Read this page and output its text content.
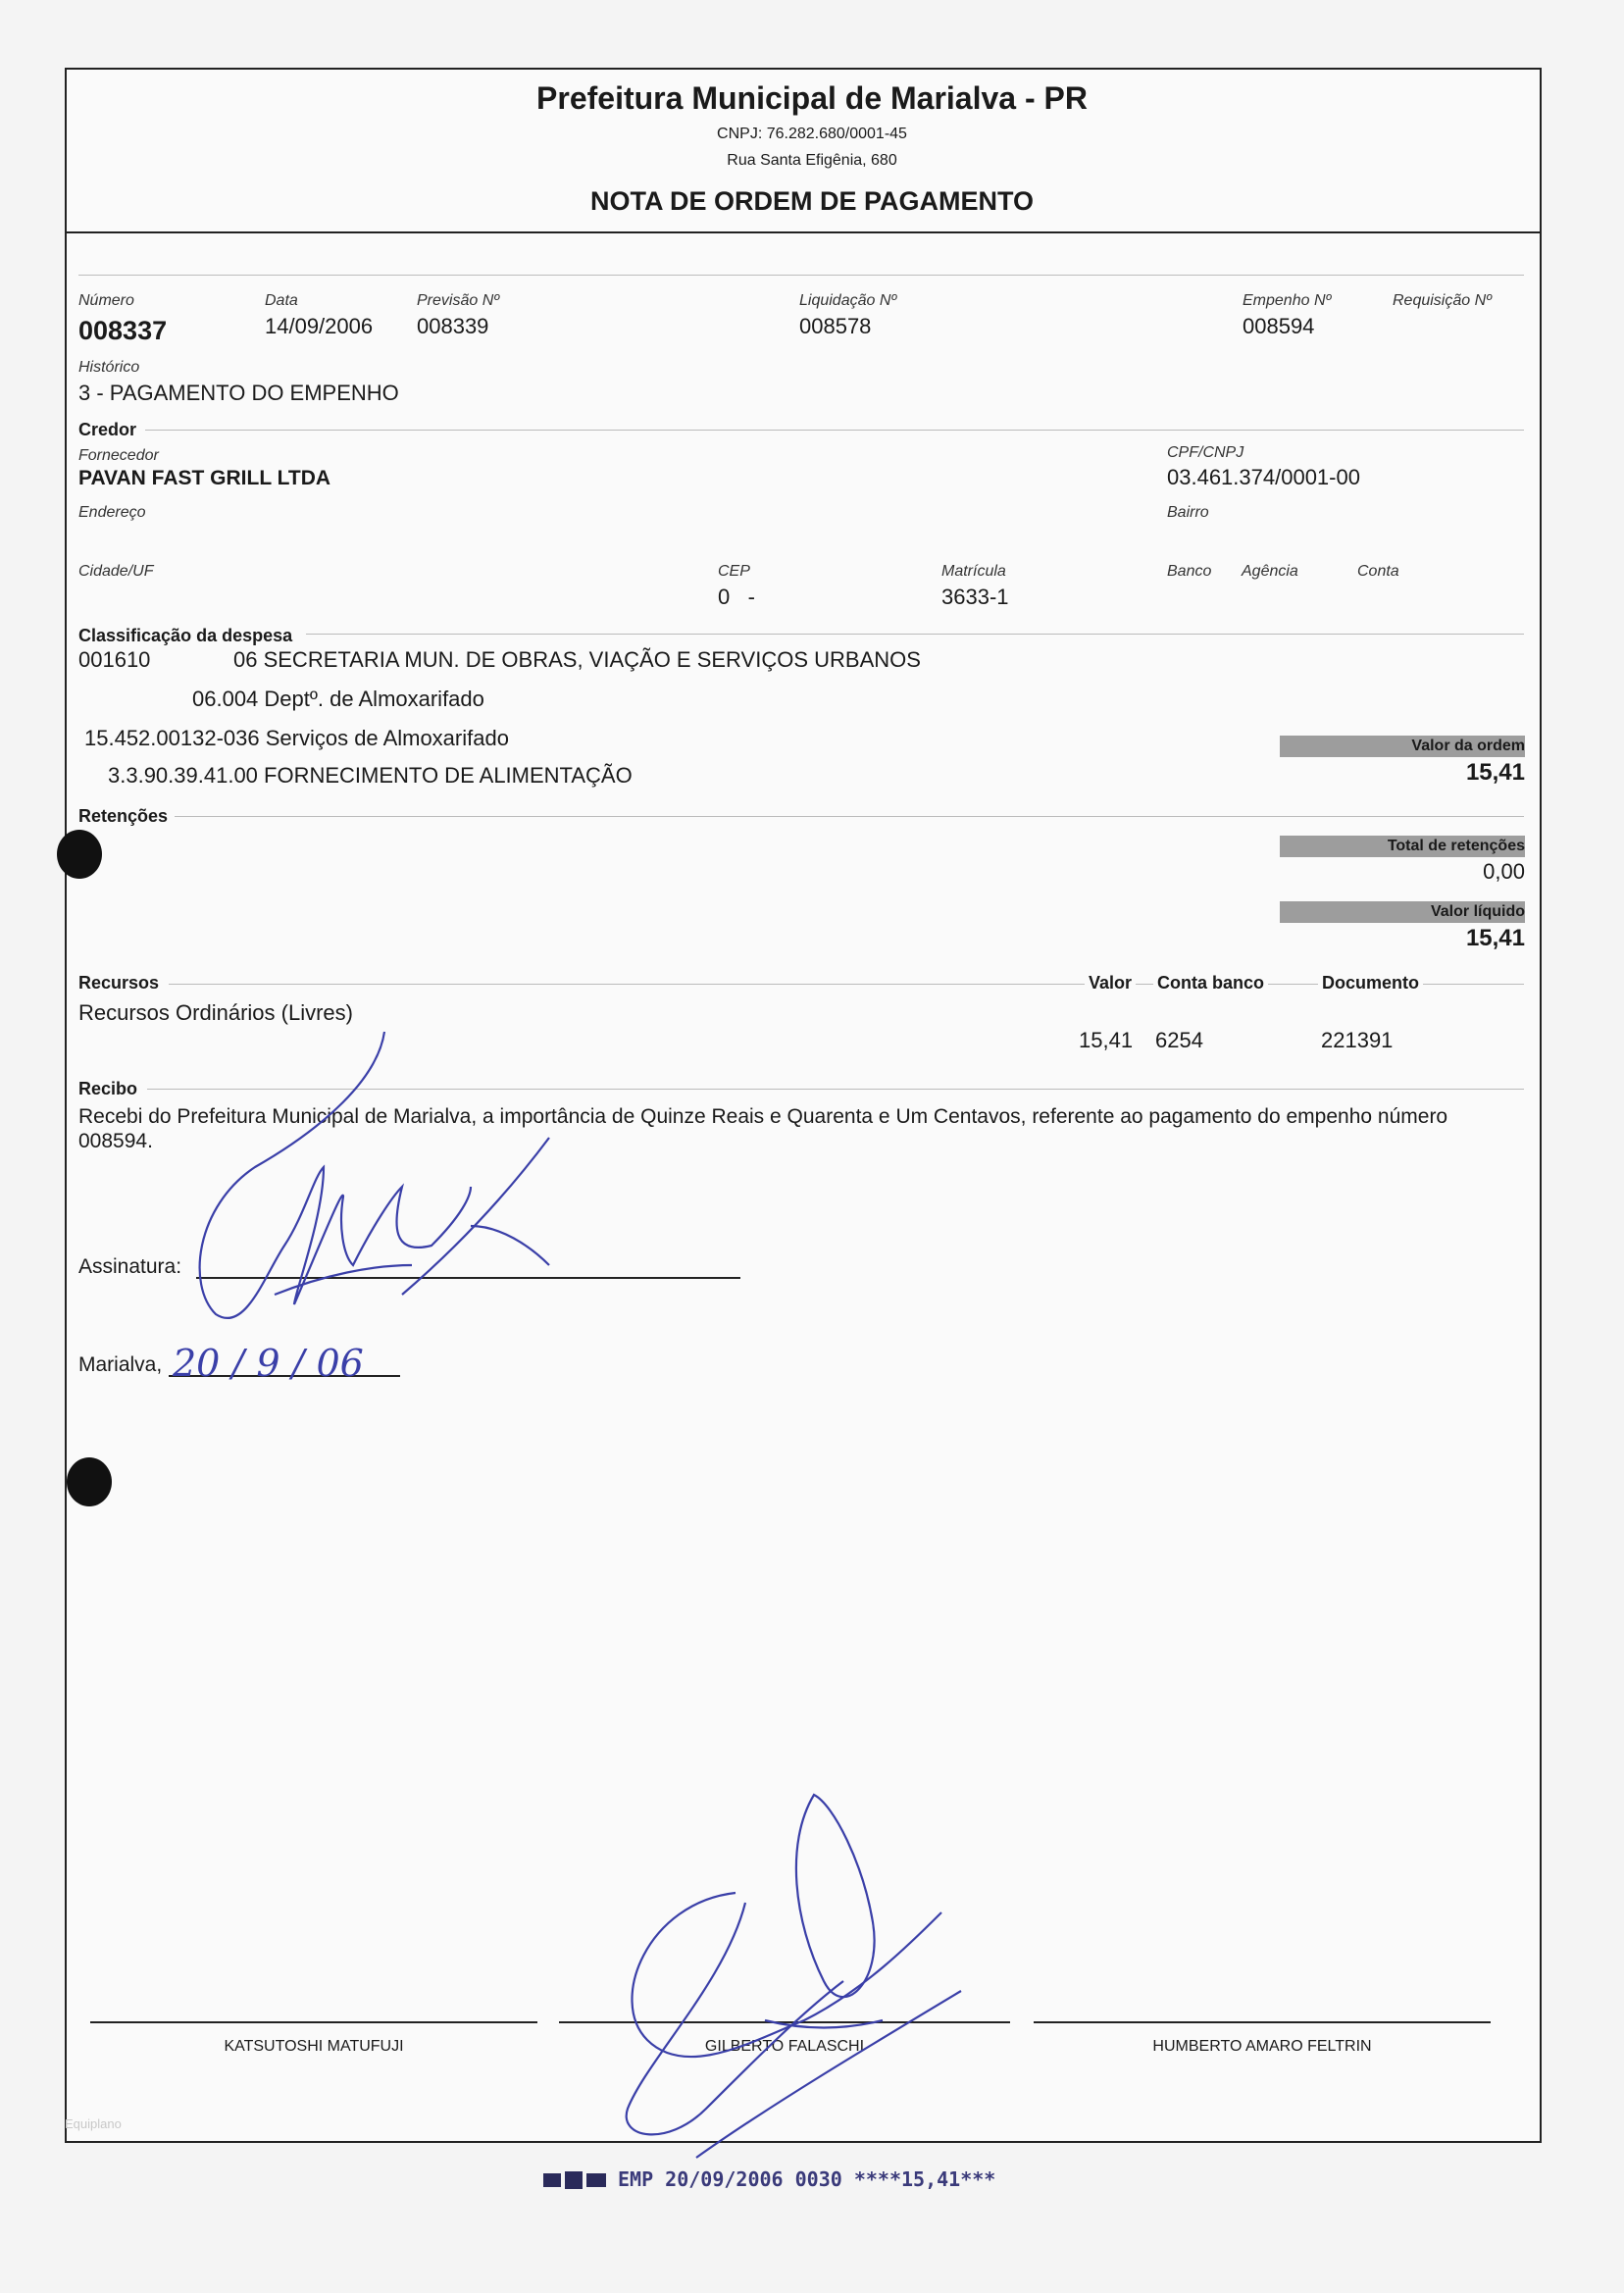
Prefeitura Municipal de Marialva - PR
CNPJ: 76.282.680/0001-45
Rua Santa Efigênia, 680
NOTA DE ORDEM DE PAGAMENTO
Número
008337
Data
14/09/2006
Previsão Nº
008339
Liquidação Nº
008578
Empenho Nº
008594
Requisição Nº
Histórico
3 - PAGAMENTO DO EMPENHO
Credor
Fornecedor
PAVAN FAST GRILL LTDA
CPF/CNPJ
03.461.374/0001-00
Endereço	Bairro
Cidade/UF	CEP
0   -
Matrícula
3633-1
Banco Agência	Conta
Classificação da despesa
001610	06 SECRETARIA MUN. DE OBRAS, VIAÇÃO E SERVIÇOS URBANOS
06.004 Deptº. de Almoxarifado
15.452.00132-036 Serviços de Almoxarifado
3.3.90.39.41.00 FORNECIMENTO DE ALIMENTAÇÃO
Valor da ordem
15,41
Retenções
Total de retenções
0,00
Valor líquido
15,41
Recursos	Valor Conta banco	Documento
Recursos Ordinários (Livres)
15,41 6254	221391
Recibo
Recebi do Prefeitura Municipal de Marialva, a importância de Quinze Reais e Quarenta e Um Centavos, referente ao pagamento do empenho número 008594.
Assinatura:
Marialva, 20 / 9 / 06
KATSUTOSHI MATUFUJI	GILBERTO FALASCHI	HUMBERTO AMARO FELTRIN
Equiplano
EMP 20/09/2006 0030 ****15,41***
